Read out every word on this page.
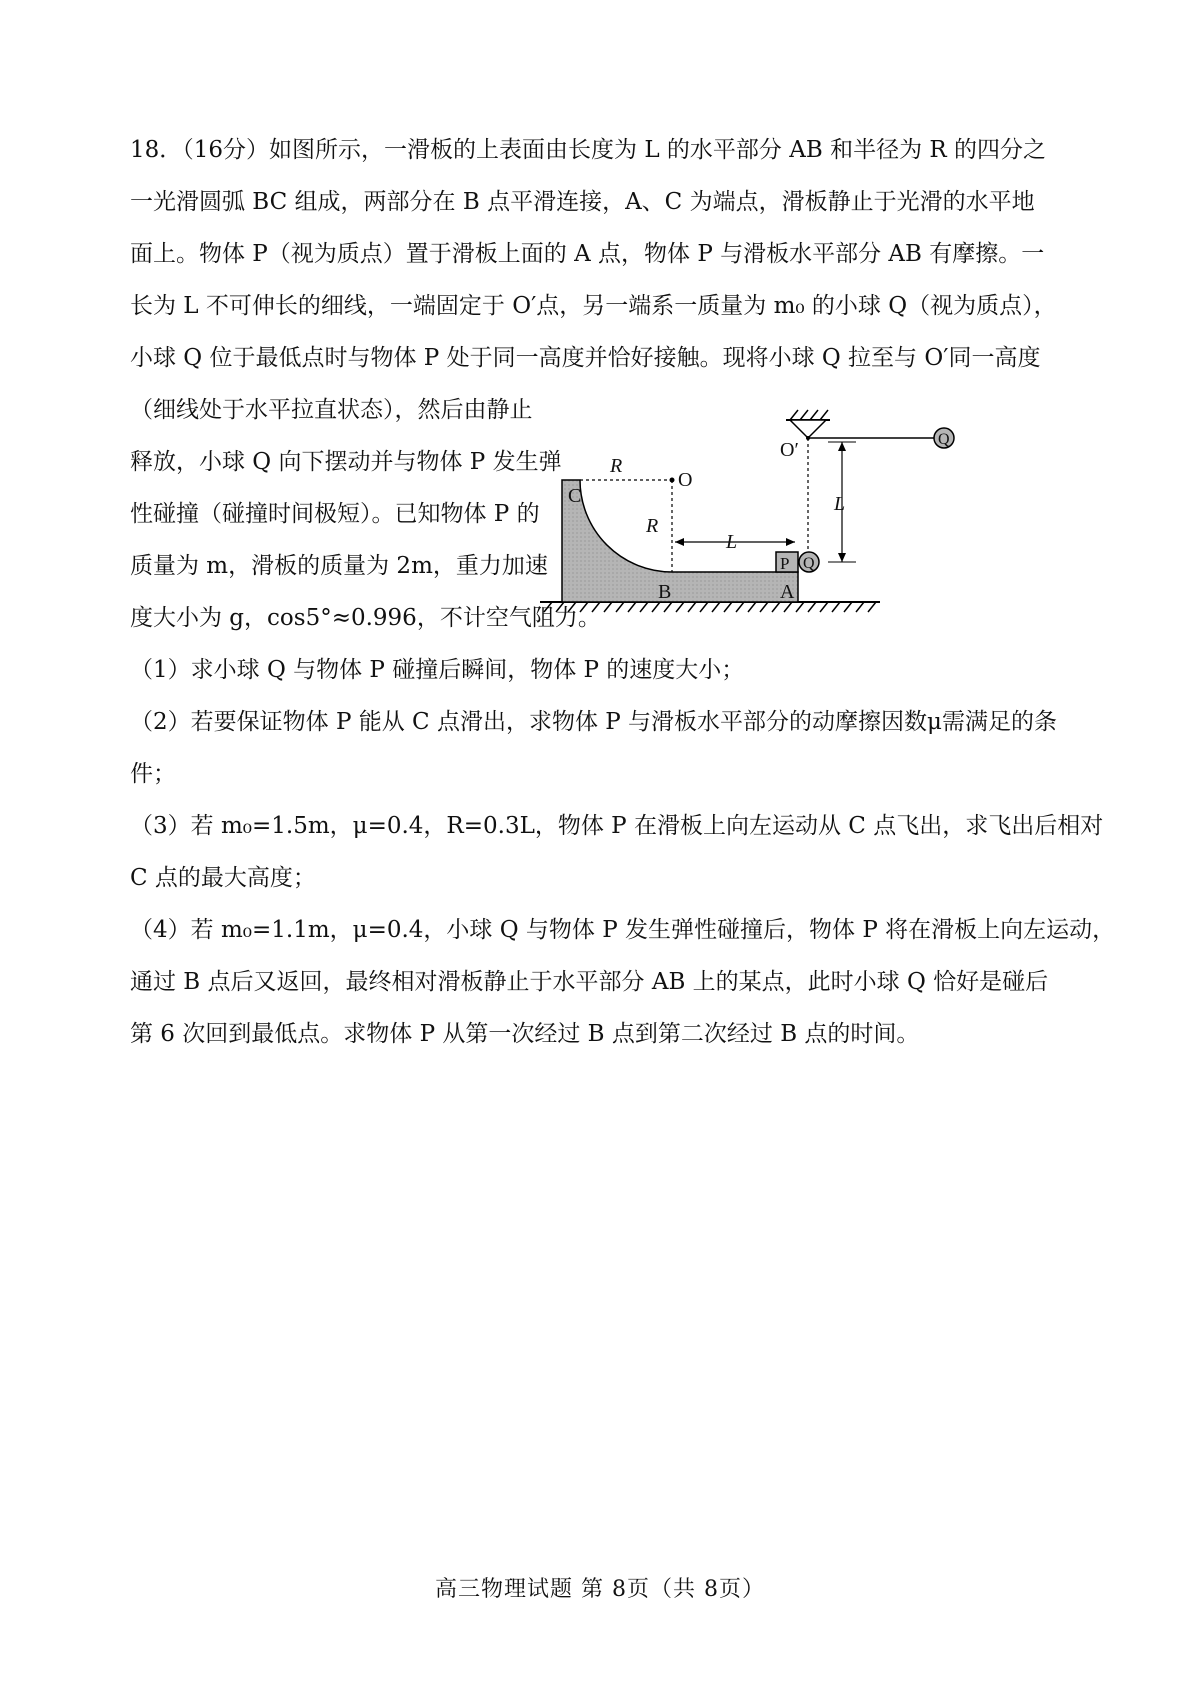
18．（16分）如图所示，一滑板的上表面由长度为 L 的水平部分 AB 和半径为 R 的四分之
一光滑圆弧 BC 组成，两部分在 B 点平滑连接，A、C 为端点，滑板静止于光滑的水平地
面上。物体 P（视为质点）置于滑板上面的 A 点，物体 P 与滑板水平部分 AB 有摩擦。一
长为 L 不可伸长的细线，一端固定于 O′点，另一端系一质量为 m₀ 的小球 Q（视为质点），
小球 Q 位于最低点时与物体 P 处于同一高度并恰好接触。现将小球 Q 拉至与 O′同一高度
（细线处于水平拉直状态），然后由静止
释放，小球 Q 向下摆动并与物体 P 发生弹
性碰撞（碰撞时间极短）。已知物体 P 的
质量为 m，滑板的质量为 2m，重力加速
度大小为 g，cos5°≈0.996，不计空气阻力。
（1）求小球 Q 与物体 P 碰撞后瞬间，物体 P 的速度大小；
（2）若要保证物体 P 能从 C 点滑出，求物体 P 与滑板水平部分的动摩擦因数μ需满足的条
件；
（3）若 m₀=1.5m，μ=0.4，R=0.3L，物体 P 在滑板上向左运动从 C 点飞出，求飞出后相对
C 点的最大高度；
（4）若 m₀=1.1m，μ=0.4，小球 Q 与物体 P 发生弹性碰撞后，物体 P 将在滑板上向左运动，
通过 B 点后又返回，最终相对滑板静止于水平部分 AB 上的某点，此时小球 Q 恰好是碰后
第 6 次回到最低点。求物体 P 从第一次经过 B 点到第二次经过 B 点的时间。
C
R
O
R
L
B	A
P Q
O′
L
Q
高三物理试题 第 8页（共 8页）
